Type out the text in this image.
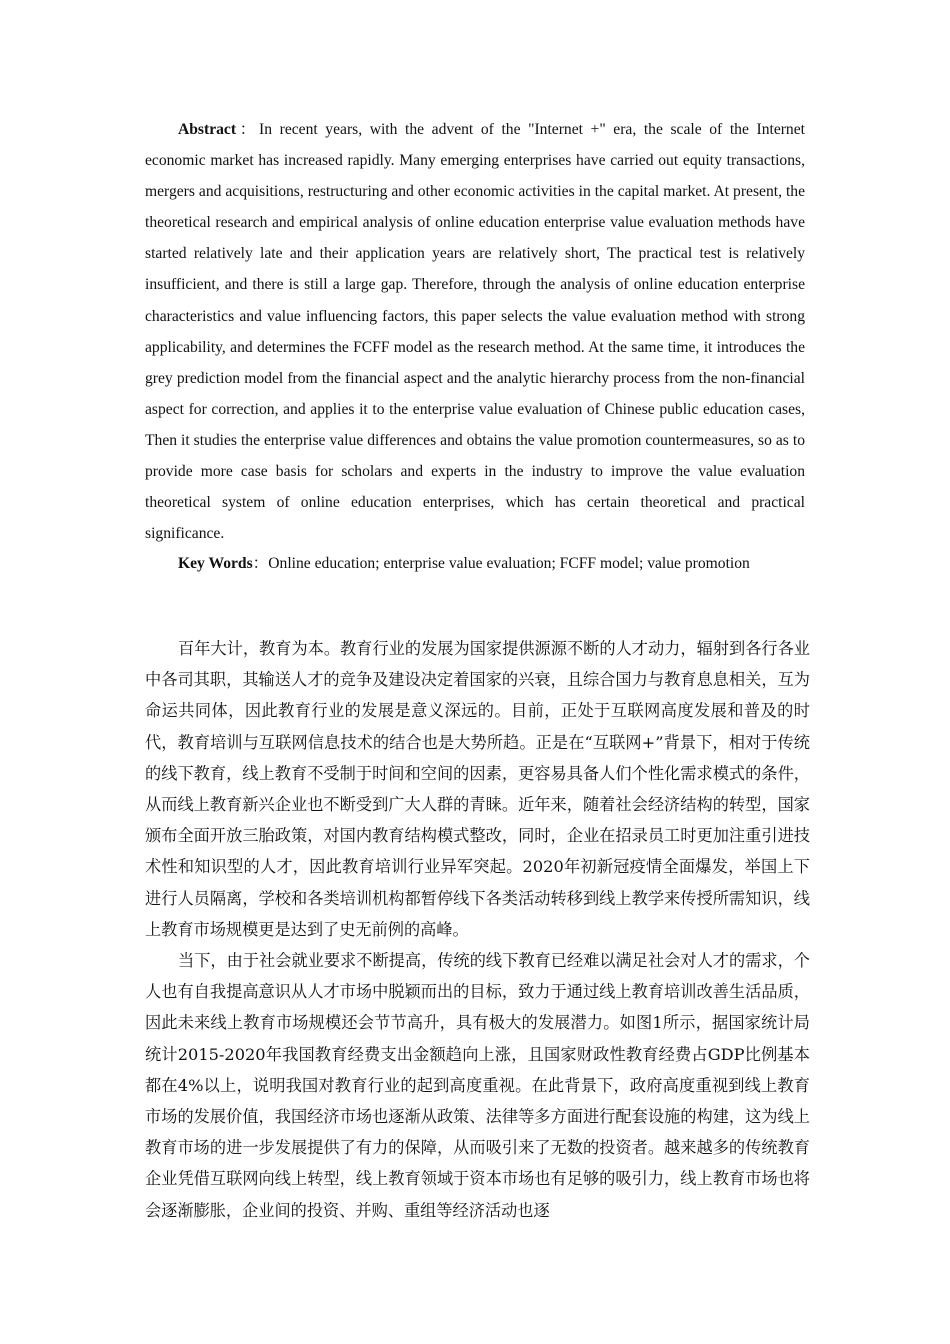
Abstract：In recent years, with the advent of the "Internet +" era, the scale of the Internet economic market has increased rapidly. Many emerging enterprises have carried out equity transactions, mergers and acquisitions, restructuring and other economic activities in the capital market. At present, the theoretical research and empirical analysis of online education enterprise value evaluation methods have started relatively late and their application years are relatively short, The practical test is relatively insufficient, and there is still a large gap. Therefore, through the analysis of online education enterprise characteristics and value influencing factors, this paper selects the value evaluation method with strong applicability, and determines the FCFF model as the research method. At the same time, it introduces the grey prediction model from the financial aspect and the analytic hierarchy process from the non-financial aspect for correction, and applies it to the enterprise value evaluation of Chinese public education cases, Then it studies the enterprise value differences and obtains the value promotion countermeasures, so as to provide more case basis for scholars and experts in the industry to improve the value evaluation theoretical system of online education enterprises, which has certain theoretical and practical significance.

Key Words：Online education; enterprise value evaluation; FCFF model; value promotion

百年大计，教育为本。教育行业的发展为国家提供源源不断的人才动力，辐射到各行各业中各司其职，其输送人才的竞争及建设决定着国家的兴衰，且综合国力与教育息息相关，互为命运共同体，因此教育行业的发展是意义深远的。目前，正处于互联网高度发展和普及的时代，教育培训与互联网信息技术的结合也是大势所趋。正是在“互联网+”背景下，相对于传统的线下教育，线上教育不受制于时间和空间的因素，更容易具备人们个性化需求模式的条件，从而线上教育新兴企业也不断受到广大人群的青睐。近年来，随着社会经济结构的转型，国家颁布全面开放三胎政策，对国内教育结构模式整改，同时，企业在招录员工时更加注重引进技术性和知识型的人才，因此教育培训行业异军突起。2020年初新冠疫情全面爆发，举国上下进行人员隔离，学校和各类培训机构都暂停线下各类活动转移到线上教学来传授所需知识，线上教育市场规模更是达到了史无前例的高峰。

当下，由于社会就业要求不断提高，传统的线下教育已经难以满足社会对人才的需求，个人也有自我提高意识从人才市场中脱颖而出的目标，致力于通过线上教育培训改善生活品质，因此未来线上教育市场规模还会节节高升，具有极大的发展潜力。如图1所示，据国家统计局统计2015-2020年我国教育经费支出金额趋向上涨，且国家财政性教育经费占GDP比例基本都在4%以上，说明我国对教育行业的起到高度重视。在此背景下，政府高度重视到线上教育市场的发展价值，我国经济市场也逐渐从政策、法律等多方面进行配套设施的构建，这为线上教育市场的进一步发展提供了有力的保障，从而吸引来了无数的投资者。越来越多的传统教育企业凭借互联网向线上转型，线上教育领域于资本市场也有足够的吸引力，线上教育市场也将会逐渐膨胀，企业间的投资、并购、重组等经济活动也逐
